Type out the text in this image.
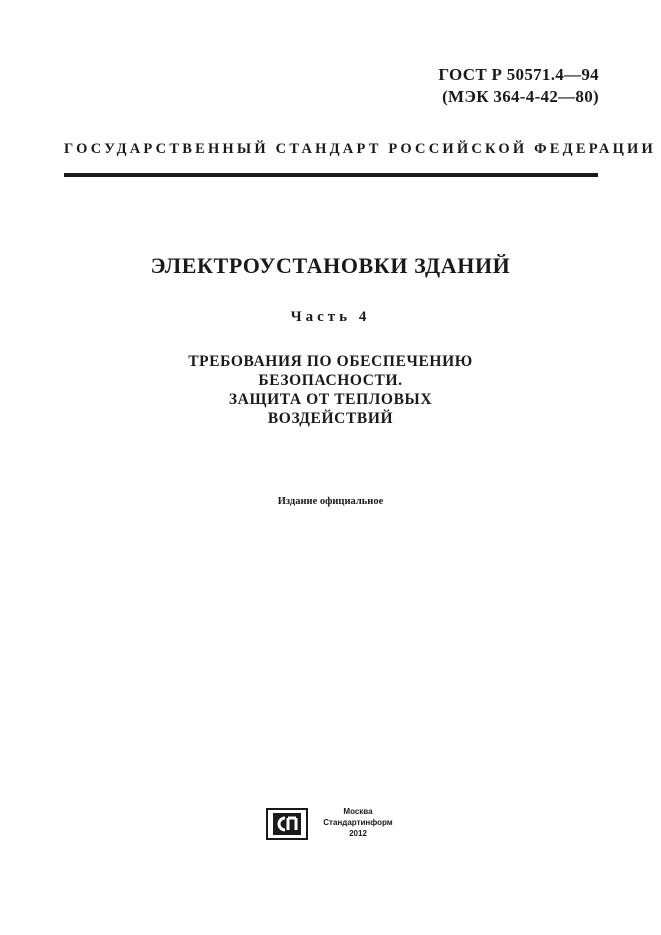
ГОСТ Р 50571.4—94
(МЭК 364-4-42—80)
ГОСУДАРСТВЕННЫЙ СТАНДАРТ РОССИЙСКОЙ ФЕДЕРАЦИИ
ЭЛЕКТРОУСТАНОВКИ ЗДАНИЙ
Часть 4
ТРЕБОВАНИЯ ПО ОБЕСПЕЧЕНИЮ
БЕЗОПАСНОСТИ.
ЗАЩИТА ОТ ТЕПЛОВЫХ
ВОЗДЕЙСТВИЙ
Издание официальное
Москва
Стандартинформ
2012
